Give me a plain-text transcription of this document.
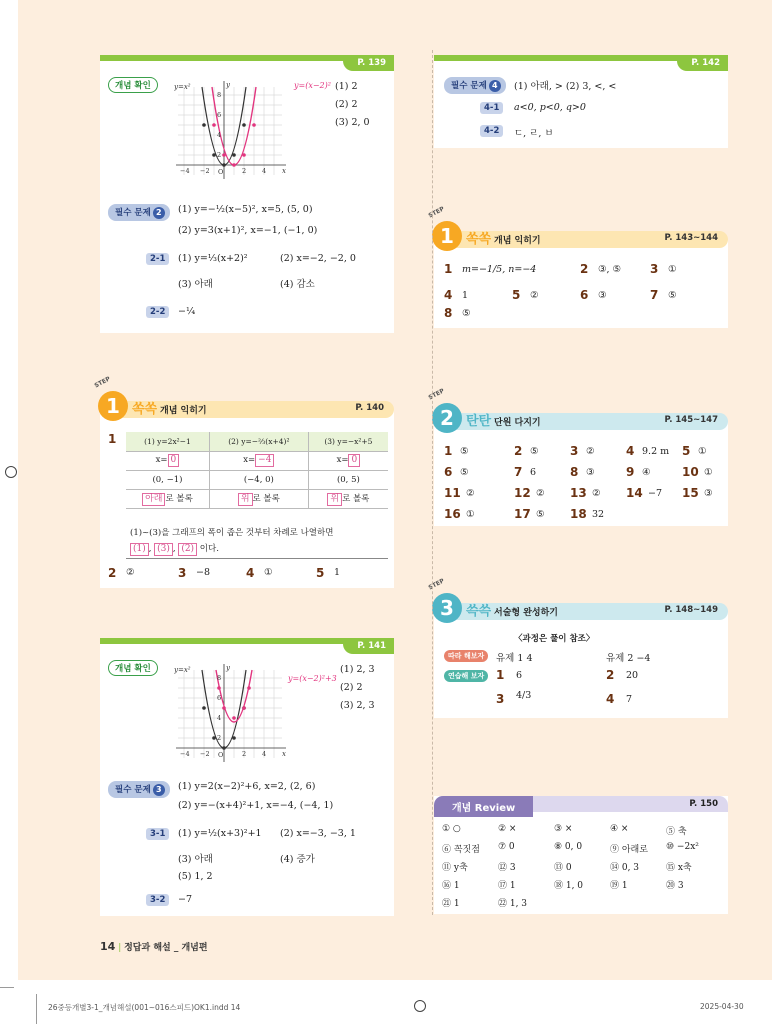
P. 139
개념 확인	y=x²	y
x
8
6
4
2
−4 −2 O	2 4
y=(x−2)² (1) 2
(2) 2
(3) 2, 0
필수 문제 2	(1) y=−½(x−5)², x=5, (5, 0)
(2) y=3(x+1)², x=−1, (−1, 0)
2-1	(1) y=⅓(x+2)²	(2) x=−2, −2, 0
(3) 아래	(4) 감소
2-2	−¼
1
STEP
쏙쏙 개념 익히기	P. 140
1	(1) y=2x²−1	(2) y=−⅔(x+4)²	(3) y=−x²+5
x= 0	x= −4	x= 0
(0, −1)	(−4, 0)	(0, 5)
아래 로 볼록	위 로 볼록	위 로 볼록
(1)~(3)을 그래프의 폭이 좁은 것부터 차례로 나열하면
(1) , (3) , (2) 이다.
2 ②	3 −8	4 ①	5 1
P. 141
개념 확인	y=x²	y
x
8
6
4
2
−4 −2 O	2 4
y=(x−2)²+3
(1) 2, 3
(2) 2
(3) 2, 3
필수 문제 3	(1) y=2(x−2)²+6, x=2, (2, 6)
(2) y=−(x+4)²+1, x=−4, (−4, 1)
3-1	(1) y=½(x+3)²+1 (2) x=−3, −3, 1
(3) 아래	(4) 증가
(5) 1, 2
3-2	−7
P. 142
필수 문제 4	(1) 아래, > (2) 3, <, <
4-1	a<0, p<0, q>0
4-2	ㄷ, ㄹ, ㅂ
1
STEP
쏙쏙 개념 익히기	P. 143~144
1 m=−1/5, n=−4	2 ③, ⑤ 3 ①
4 1	5 ②	6 ③	7 ⑤
8 ⑤
2
STEP
탄탄 단원 다지기	P. 145~147
1 ⑤	2 ⑤	3 ②	4 9.2 m 5 ①
6 ⑤	7 6	8 ③	9 ④	10 ①
11 ②	12 ② 13 ② 14 −7 15 ③
16 ①	17 ⑤ 18 32
3
STEP
쓱쓱 서술형 완성하기	P. 148~149
〈과정은 풀이 참조〉
따라 해보자	유제 1 4	유제 2 −4
연습해 보자 1 6	2 20
3 4/3	4 7
개념 Review	P. 150
① ○	② ×	③ ×	④ ×	⑤ 축
⑥ 꼭짓점 ⑦ 0	⑧ 0, 0	⑨ 아래로 ⑩ −2x²
⑪ y축	⑫ 3	⑬ 0	⑭ 0, 3	⑮ x축
⑯ 1	⑰ 1	⑱ 1, 0	⑲ 1	⑳ 3
㉑ 1	㉒ 1, 3
14 | 정답과 해설 _ 개념편
26중등개별3-1_개념해설(001~016스피드)OK1.indd 14	2025-04-30
